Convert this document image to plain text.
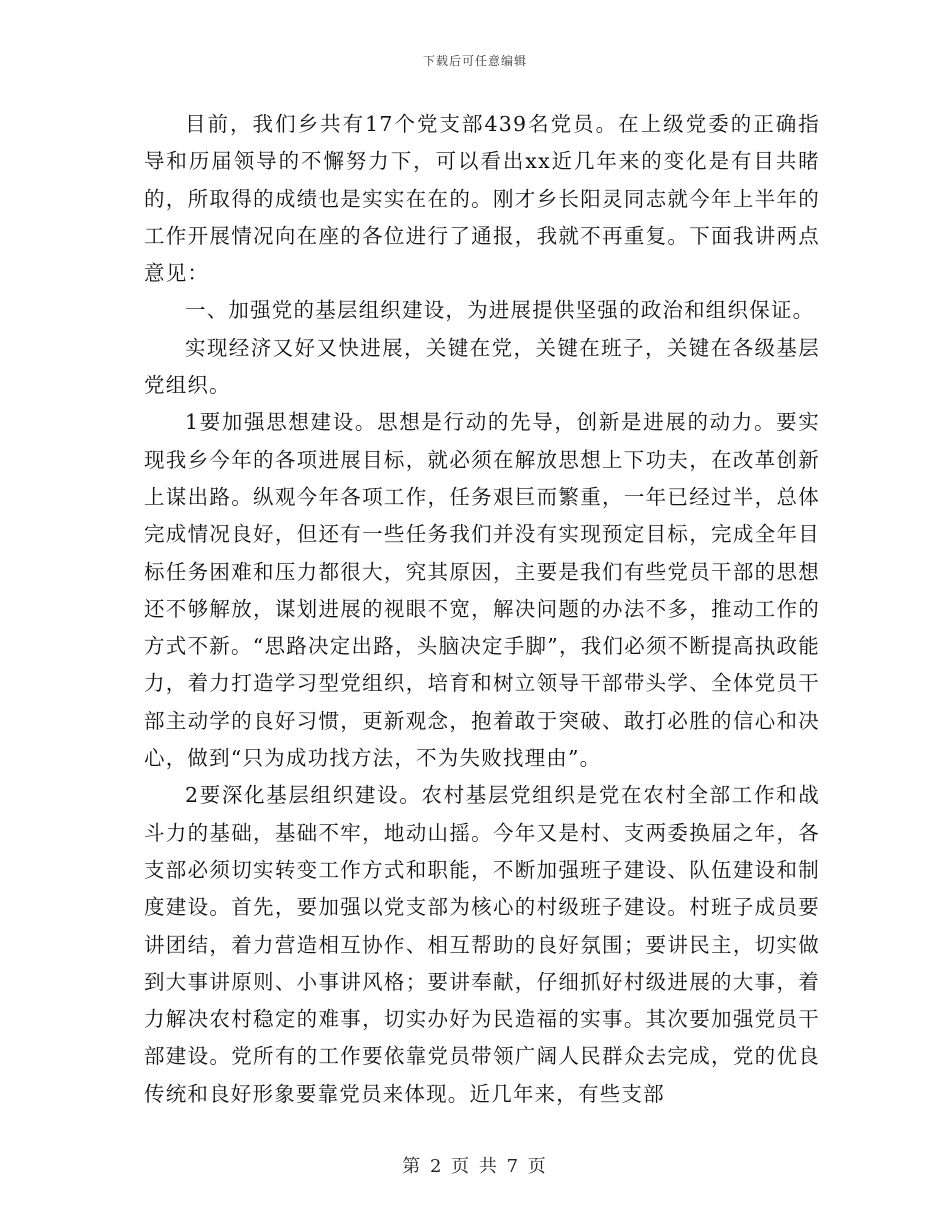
下载后可任意编辑

目前，我们乡共有17个党支部439名党员。在上级党委的正确指导和历届领导的不懈努力下，可以看出xx近几年来的变化是有目共睹的，所取得的成绩也是实实在在的。刚才乡长阳灵同志就今年上半年的工作开展情况向在座的各位进行了通报，我就不再重复。下面我讲两点意见：

一、加强党的基层组织建设，为进展提供坚强的政治和组织保证。

实现经济又好又快进展，关键在党，关键在班子，关键在各级基层党组织。

1要加强思想建设。思想是行动的先导，创新是进展的动力。要实现我乡今年的各项进展目标，就必须在解放思想上下功夫，在改革创新上谋出路。纵观今年各项工作，任务艰巨而繁重，一年已经过半，总体完成情况良好，但还有一些任务我们并没有实现预定目标，完成全年目标任务困难和压力都很大，究其原因，主要是我们有些党员干部的思想还不够解放，谋划进展的视眼不宽，解决问题的办法不多，推动工作的方式不新。“思路决定出路，头脑决定手脚”，我们必须不断提高执政能力，着力打造学习型党组织，培育和树立领导干部带头学、全体党员干部主动学的良好习惯，更新观念，抱着敢于突破、敢打必胜的信心和决心，做到“只为成功找方法，不为失败找理由”。

2要深化基层组织建设。农村基层党组织是党在农村全部工作和战斗力的基础，基础不牢，地动山摇。今年又是村、支两委换届之年，各支部必须切实转变工作方式和职能，不断加强班子建设、队伍建设和制度建设。首先，要加强以党支部为核心的村级班子建设。村班子成员要讲团结，着力营造相互协作、相互帮助的良好氛围；要讲民主，切实做到大事讲原则、小事讲风格；要讲奉献，仔细抓好村级进展的大事，着力解决农村稳定的难事，切实办好为民造福的实事。其次要加强党员干部建设。党所有的工作要依靠党员带领广阔人民群众去完成，党的优良传统和良好形象要靠党员来体现。近几年来，有些支部

第 2 页 共 7 页
